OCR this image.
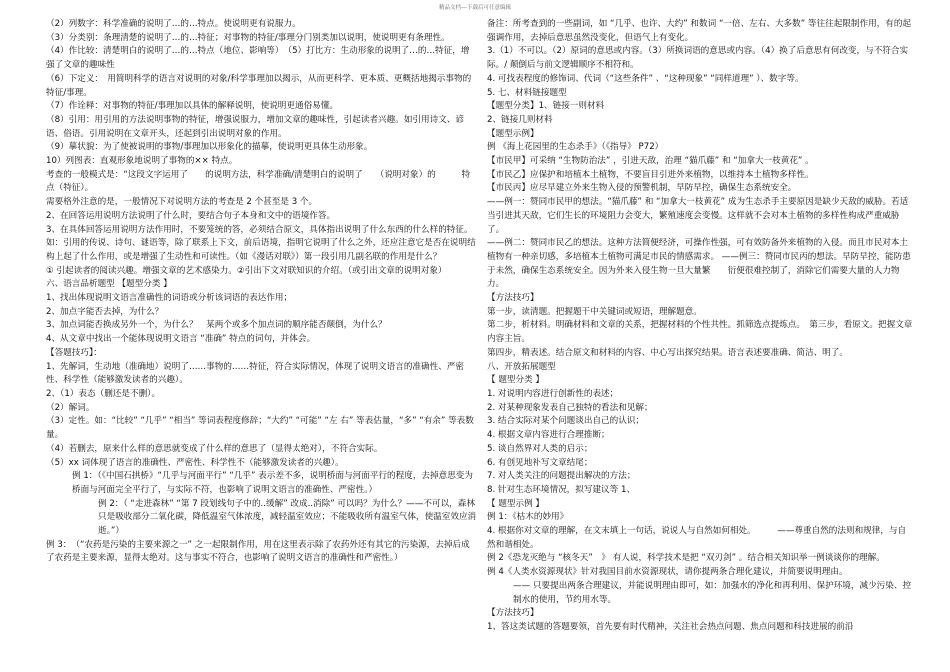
精品文档---下载后可任意编辑

（2）列数字：科学准确的说明了…的…特点。使说明更有说服力。

（3）分类别：条理清楚的说明了…的…特征；对事物的特征/事理分门别类加以说明，使说明更有条理性。

（4）作比较：清楚明白的说明了…的…特点（地位、影响等）　（5）打比方：生动形象的说明了…的…特征，增强了文章的趣味性

（6）下定义：　用简明科学的语言对说明的对象/科学事理加以揭示，从而更科学、更本质、更概括地揭示事物的特征/事理。

（7）作诠释：对事物的特征/事理加以具体的解释说明，使说明更通俗易懂。

（8）引用：用引用的方法说明事物的特征，增强说服力，增加文章的趣味性，引起读者兴趣。如引用诗文、谚语、俗语。引用说明在文章开头，还起到引出说明对象的作用。

（9）摹状貌：为了使被说明的事物/事理加以形象化的描摹，使说明更具体生动形象。

10）列图表：直观形象地说明了事物的×× 特点。

考查的一般模式是：“这段文字运用了　　的说明方法，科学准确/清楚明白的说明了　　（说明对象）的　　　特点（特征）。

需要格外注意的是，一般情况下对说明方法的考查是 2 个甚至是 3 个。

2、在回答运用说明方法说明了什么时，要结合句子本身和文中的语境作答。

3、在具体回答运用说明方法作用时，不要笼统的答，必须结合原文，具体指出说明了什么东西的什么样的特征。

如：引用的传说、诗句、谜语等，除了联系上下文，前后语境，指明它说明了什么之外，还应注意它是否在说明结构上起了什么作用，或是增强了生动性和可读性。（如《漫话对联》）第一段引用几副名联的作用是什么？

① 引起读者的阅读兴趣。增强文章的艺术感染力。②引出下文对联知识的介绍。（或引出文章的说明对象）

六、语言品析题型 【题型分类 】

1、找出体现说明文语言准确性的词语或分析该词语的表达作用；

2、加点字能否去掉，为什么？

3、加点词能否换成另外一个，为什么？　某两个或多个加点词的顺序能否颠倒，为什么？

4、从文章中找出一个能体现说明文语言 “准确” 特点的词句，并体会。

【答题技巧】：

1、先解词，生动地（准确地）说明了……事物的……特征，符合实际情况，体现了说明文语言的准确性、严密性、科学性（能够激发读者的兴趣）。

2、（1）表态（删还是不删）。

（2）解词。

（3）定性。如：“比较” “几乎” “相当” 等词表程度修辞；“大约” “可能” “左 右” 等表估量，“多” “有余” 等表数量。

（4）若删去，原来什么样的意思就变成了什么样的意思了（显得太绝对），不符合实际。

（5）xx 词体现了语言的准确性、严密性、科学性不（能够激发读者的兴趣）。

例 1：（《中国石拱桥》“几乎与河面平行” “几乎” 表示差不多，说明桥面与河面平行的程度，去掉意思变为桥面与河面完全平行了，与实际不符，也影响了说明文语言的准确性、严密性。）

例 2：（ “走进森林” “第 7 段划线句子中的..缓解” 改成..消除” 可以吗？为什么？——不可以，森林只是吸收部分二氧化碳，降低温室气体浓度，减轻温室效应；不能吸收所有温室气体，使温室效应消逝。”）

例 3：　（“农药是污染的主要来源之一” 之一起限制作用，用在这里表示除了农药外还有其它的污染源，去掉后成了农药是主要来源，显得太绝对。这与事实不符合，也影响了说明文语言的准确性和严密性。）

备注：所考查到的一些副词，如 “几乎、也许、大约” 和数词 “一倍、左右、大多数” 等往往起限制作用，有的起强调作用，去掉后意思虽然没变化，但语气上有变化。

3.（1）不可以。（2）原词的意思或内容。（3）所换词语的意思或内容。（4）换了后意思有何改变，与不符合实际。/ 颠倒后与前文逻辑顺序不相符和。

4. 可找表程度的修饰词、代词（“这些条件” 、“这种现象” “同样道理” ）、数字等。

5. 七、材料链接题型

【题型分类】1、链接一则材料

2、链接几则材料

【题型示例】

例 《海上花园里的生态杀手》（《指导》 P72）

【市民甲】可采纳 “生物防治法” ，引进天敌，治理 “猫爪藤” 和 “加拿大一枝黄花” 。

【市民乙】应保护和培植本土植物，不要盲目引进外来植物，以维持本土植物多样性。

【市民丙】应尽早建立外来生物入侵的预警机制，早防早控，确保生态系统安全。

——例一：赞同市民甲的想法。“猫爪藤” 和 “加拿大一枝黄花” 成为生态杀手主要原因是缺少天敌的威胁。若适当引进其天敌，它们生长的环境阻力会变大，繁殖速度会变慢。这样就不会对本土植物的多样性构成严重威胁了。

——例二：赞同市民乙的想法。这种方法简便经济，可操作性强，可有效防备外来植物的入侵。而且市民对本土植物有一种亲切感，多培植本土植物可满足市民的情感需求。 ——例三：赞同市民丙的想法。早防早控，能防患于未然，确保生态系统安全。因为外来入侵生物一旦大量繁　　衍便很难控制了，消除它们需要大量的人力物力。

【方法技巧】

第一步，读清题。把握题干中关键词或短语，理解题意。

第二步，析材料。明确材料和文章的关系，把握材料的个性共性。抓筛选点提炼点。　第三步，看原文。把握文章内容主旨。

第四步，精表述。结合原文和材料的内容、中心写出探究结果。语言表述要准确、简洁、明了。

八、开放拓展题型

【 题型分类 】

1. 对说明内容进行创新性的表述；

2. 对某种现象发表自己独特的看法和见解；

3. 结合实际对某个问题谈出自己的认识；

4. 根据文章内容进行合理推断；

5. 谈自然界对人类的启示；

6. 有创见地补写文章结尾；

7. 对人类关注的问题提出解决的方法；

8. 针对生态环境情况，拟写建议等 1、

【 题型示例 】

例 1：《枯木的妙用》

4. 根据你对文章的理解，在文末填上一句话，说说人与自然如何相处。　　　——尊重自然的法则和规律，与自然和谐相处。

例 2《恐龙灭绝与 “核冬天”　》 有人说，科学技术是把 “双刃剑” 。结合相关知识举一例谈谈你的理解。

例 4《人类水资源现状》针对我国目前水资源现状，请你提两条合理化建议，并简要说明理由。

—— 只要提出两条合理建议，并能说明理由即可，如：加强水的净化和再利用、保护环境，减少污染、控制水的使用，节约用水等。

【方法技巧】

1、答这类试题的答题要领，首先要有时代精神，关注社会热点问题、焦点问题和科技进展的前沿
